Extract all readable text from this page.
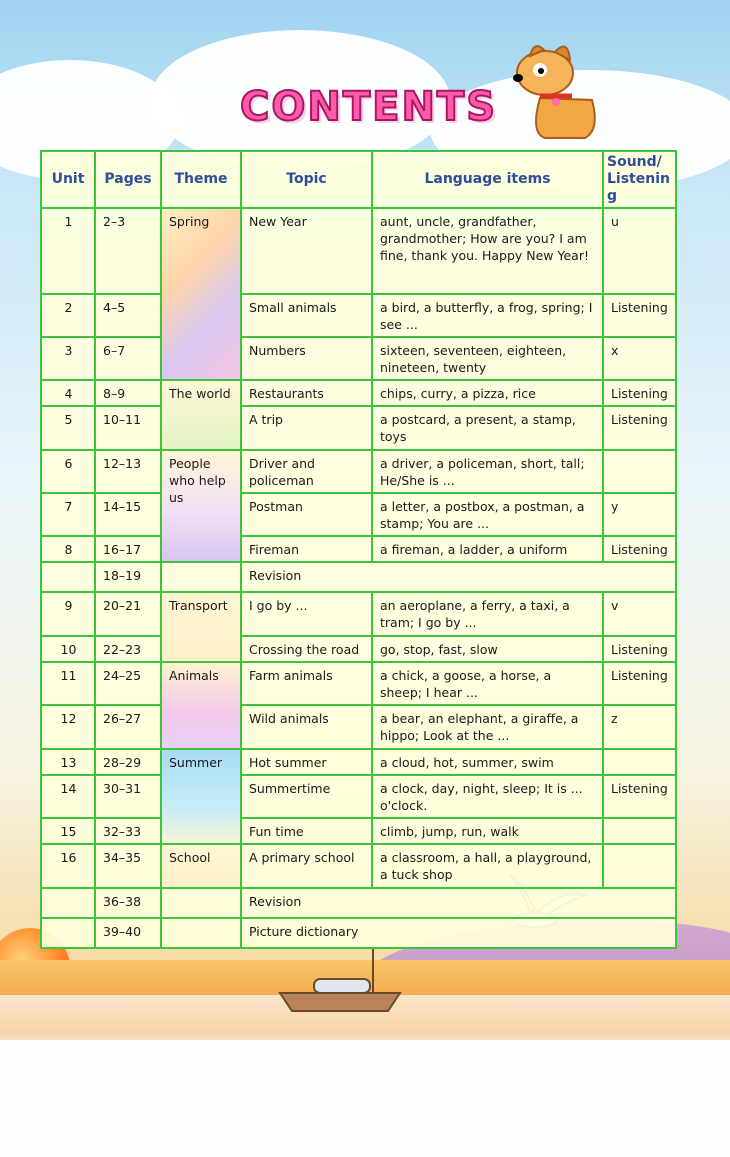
CONTENTS
Unit	Pages	Theme	Topic	Language items	Sound/ Listening
1	2–3	Spring	New Year	aunt, uncle, grandfather, grandmother; How are you? I am fine, thank you. Happy New Year!	u
2	4–5		Small animals	a bird, a butterfly, a frog, spring; I see ...	Listening
3	6–7		Numbers	sixteen, seventeen, eighteen, nineteen, twenty	x
4	8–9	The world	Restaurants	chips, curry, a pizza, rice	Listening
5	10–11		A trip	a postcard, a present, a stamp, toys	Listening
6	12–13	People who help us	Driver and policeman	a driver, a policeman, short, tall; He/She is ...	
7	14–15		Postman	a letter, a postbox, a postman, a stamp; You are ...	y
8	16–17		Fireman	a fireman, a ladder, a uniform	Listening
	18–19		Revision		
9	20–21	Transport	I go by ...	an aeroplane, a ferry, a taxi, a tram; I go by ...	v
10	22–23		Crossing the road	go, stop, fast, slow	Listening
11	24–25	Animals	Farm animals	a chick, a goose, a horse, a sheep; I hear ...	Listening
12	26–27		Wild animals	a bear, an elephant, a giraffe, a hippo; Look at the ...	z
13	28–29	Summer	Hot summer	a cloud, hot, summer, swim	
14	30–31		Summertime	a clock, day, night, sleep; It is ... o'clock.	Listening
15	32–33		Fun time	climb, jump, run, walk	
16	34–35	School	A primary school	a classroom, a hall, a playground, a tuck shop	
	36–38		Revision		
	39–40		Picture dictionary		
